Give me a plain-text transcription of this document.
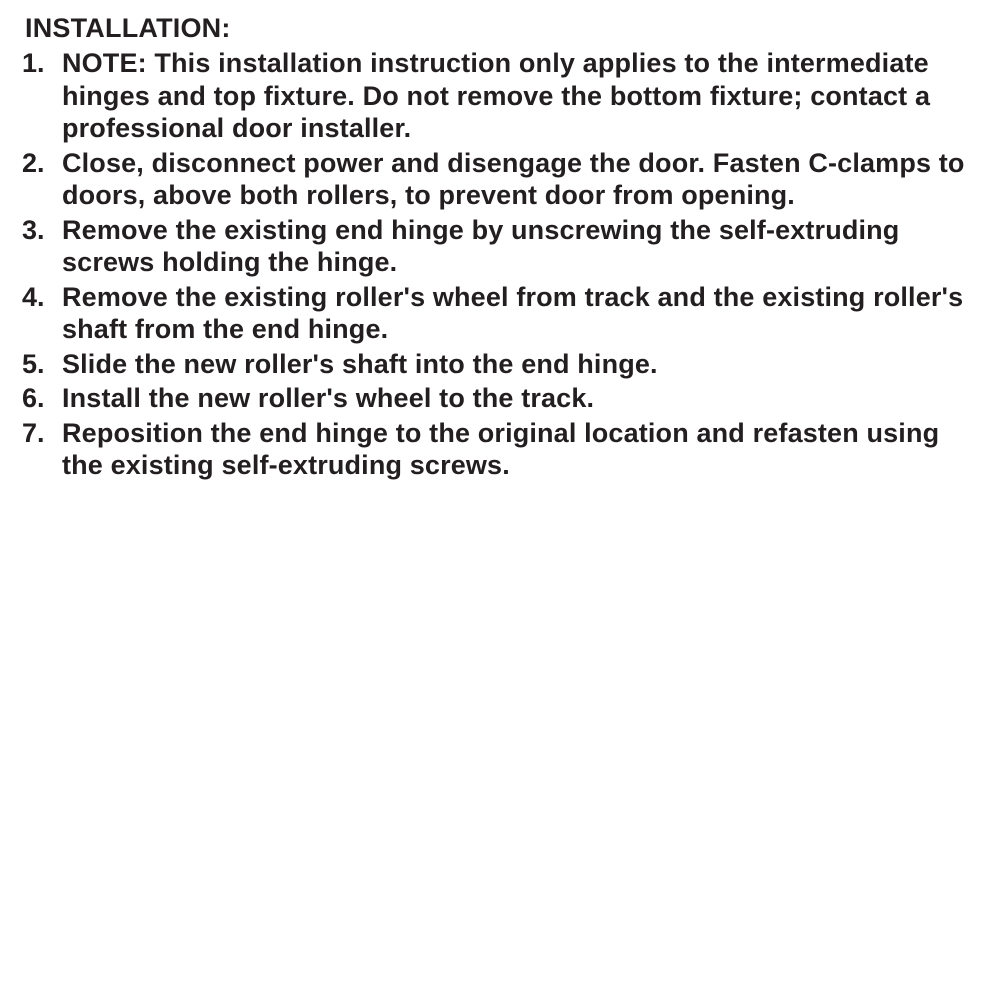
INSTALLATION:
1. NOTE: This installation instruction only applies to the intermediate hinges and top fixture. Do not remove the bottom fixture; contact a professional door installer.
2. Close, disconnect power and disengage the door. Fasten C-clamps to doors, above both rollers, to prevent door from opening.
3. Remove the existing end hinge by unscrewing the self-extruding screws holding the hinge.
4. Remove the existing roller's wheel from track and the existing roller's shaft from the end hinge.
5. Slide the new roller's shaft into the end hinge.
6. Install the new roller's wheel to the track.
7. Reposition the end hinge to the original location and refasten using the existing self-extruding screws.
